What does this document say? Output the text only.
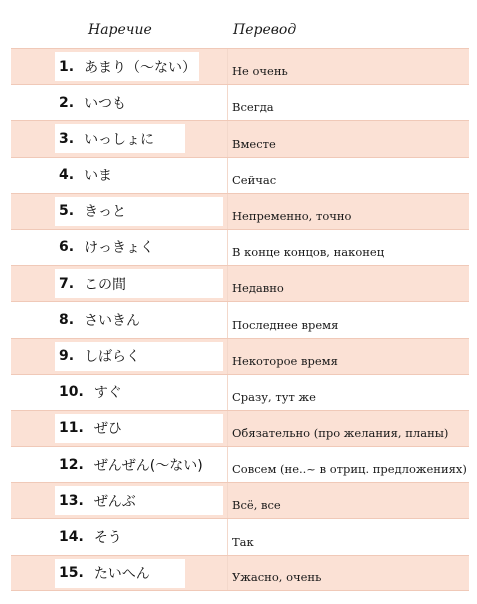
Наречие	Перевод
1. あまり（〜ない）	Не очень
2. いつも	Всегда
3. いっしょに	Вместе
4. いま	Сейчас
5. きっと	Непременно, точно
6. けっきょく	В конце концов, наконец
7. この間	Недавно
8. さいきん	Последнее время
9. しばらく	Некоторое время
10. すぐ	Сразу, тут же
11. ぜひ	Обязательно (про желания, планы)
12. ぜんぜん(〜ない)	Совсем (не..~ в отриц. предложениях)
13. ぜんぶ	Всё, все
14. そう	Так
15. たいへん	Ужасно, очень
